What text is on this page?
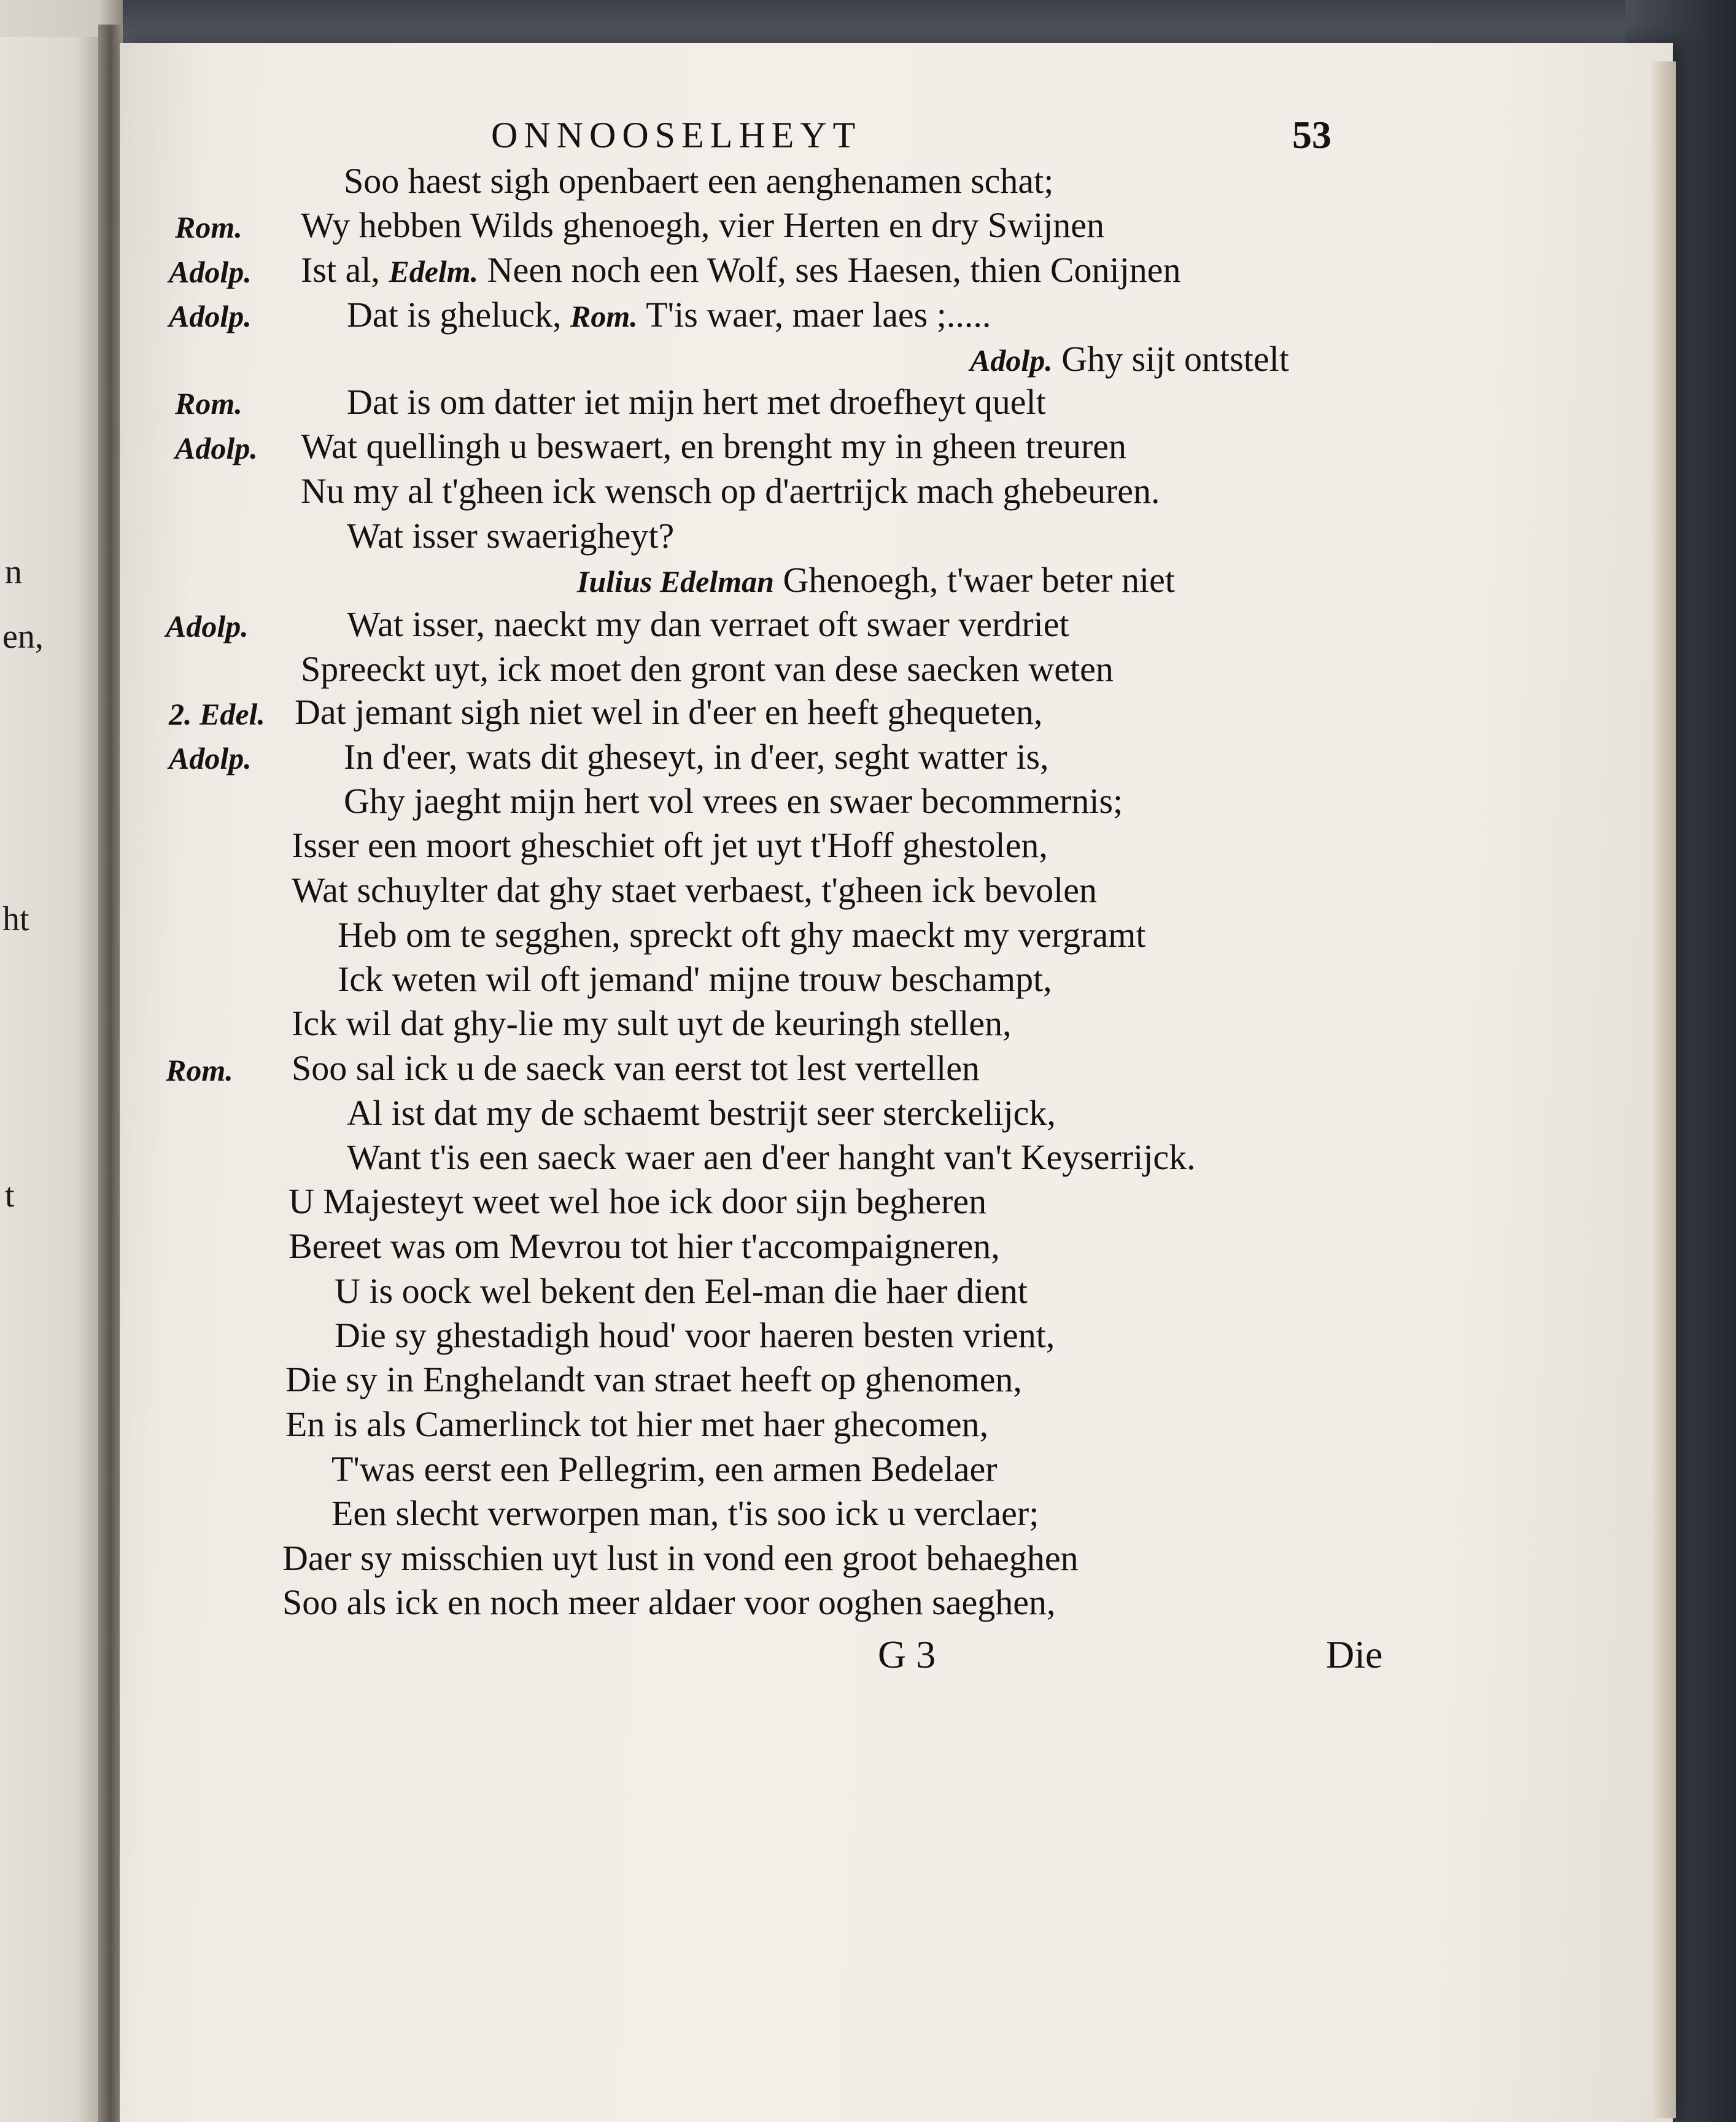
n
en,
ht
t
ONNOOSELHEYT	53
Soo haest sigh openbaert een aenghenamen schat;
Rom. Wy hebben Wilds ghenoegh, vier Herten en dry Swijnen
Adolp. Ist al, Edelm. Neen noch een Wolf, ses Haesen, thien Conijnen
Adolp.	Dat is gheluck, Rom. T'is waer, maer laes ;.....
Adolp. Ghy sijt ontstelt
Rom.	Dat is om datter iet mijn hert met droefheyt quelt
Adolp. Wat quellingh u beswaert, en brenght my in gheen treuren
Nu my al t'gheen ick wensch op d'aertrijck mach ghebeuren.
Wat isser swaerigheyt?
Iulius Edelman Ghenoegh, t'waer beter niet
Adolp.	Wat isser, naeckt my dan verraet oft swaer verdriet
Spreeckt uyt, ick moet den gront van dese saecken weten
2. Edel. Dat jemant sigh niet wel in d'eer en heeft ghequeten,
Adolp.	In d'eer, wats dit gheseyt, in d'eer, seght watter is,
Ghy jaeght mijn hert vol vrees en swaer becommernis;
Isser een moort gheschiet oft jet uyt t'Hoff ghestolen,
Wat schuylter dat ghy staet verbaest, t'gheen ick bevolen
Heb om te segghen, spreckt oft ghy maeckt my vergramt
Ick weten wil oft jemand' mijne trouw beschampt,
Ick wil dat ghy-lie my sult uyt de keuringh stellen,
Rom. Soo sal ick u de saeck van eerst tot lest vertellen
Al ist dat my de schaemt bestrijt seer sterckelijck,
Want t'is een saeck waer aen d'eer hanght van't Keyserrijck.
U Majesteyt weet wel hoe ick door sijn begheren
Bereet was om Mevrou tot hier t'accompaigneren,
U is oock wel bekent den Eel-man die haer dient
Die sy ghestadigh houd' voor haeren besten vrient,
Die sy in Enghelandt van straet heeft op ghenomen,
En is als Camerlinck tot hier met haer ghecomen,
T'was eerst een Pellegrim, een armen Bedelaer
Een slecht verworpen man, t'is soo ick u verclaer;
Daer sy misschien uyt lust in vond een groot behaeghen
Soo als ick en noch meer aldaer voor ooghen saeghen,
G 3	Die
